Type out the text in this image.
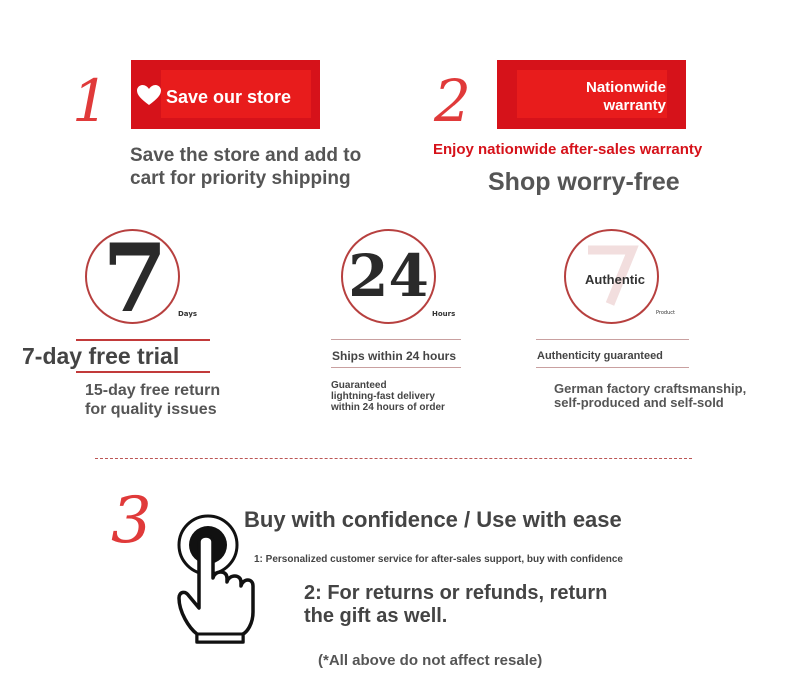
1	Save our store
Save the store and add to
cart for priority shipping
2	Nationwide
warranty
Enjoy nationwide after-sales warranty
Shop worry-free
7	Days
7-day free trial
15-day free return
for quality issues
24
Hours
Ships within 24 hours
Guaranteed
lightning-fast delivery
within 24 hours of order
Authentic
Product
Authenticity guaranteed
German factory craftsmanship,
self-produced and self-sold
3	Buy with confidence / Use with ease
1: Personalized customer service for after-sales support, buy with confidence
2: For returns or refunds, return
the gift as well.
(*All above do not affect resale)
